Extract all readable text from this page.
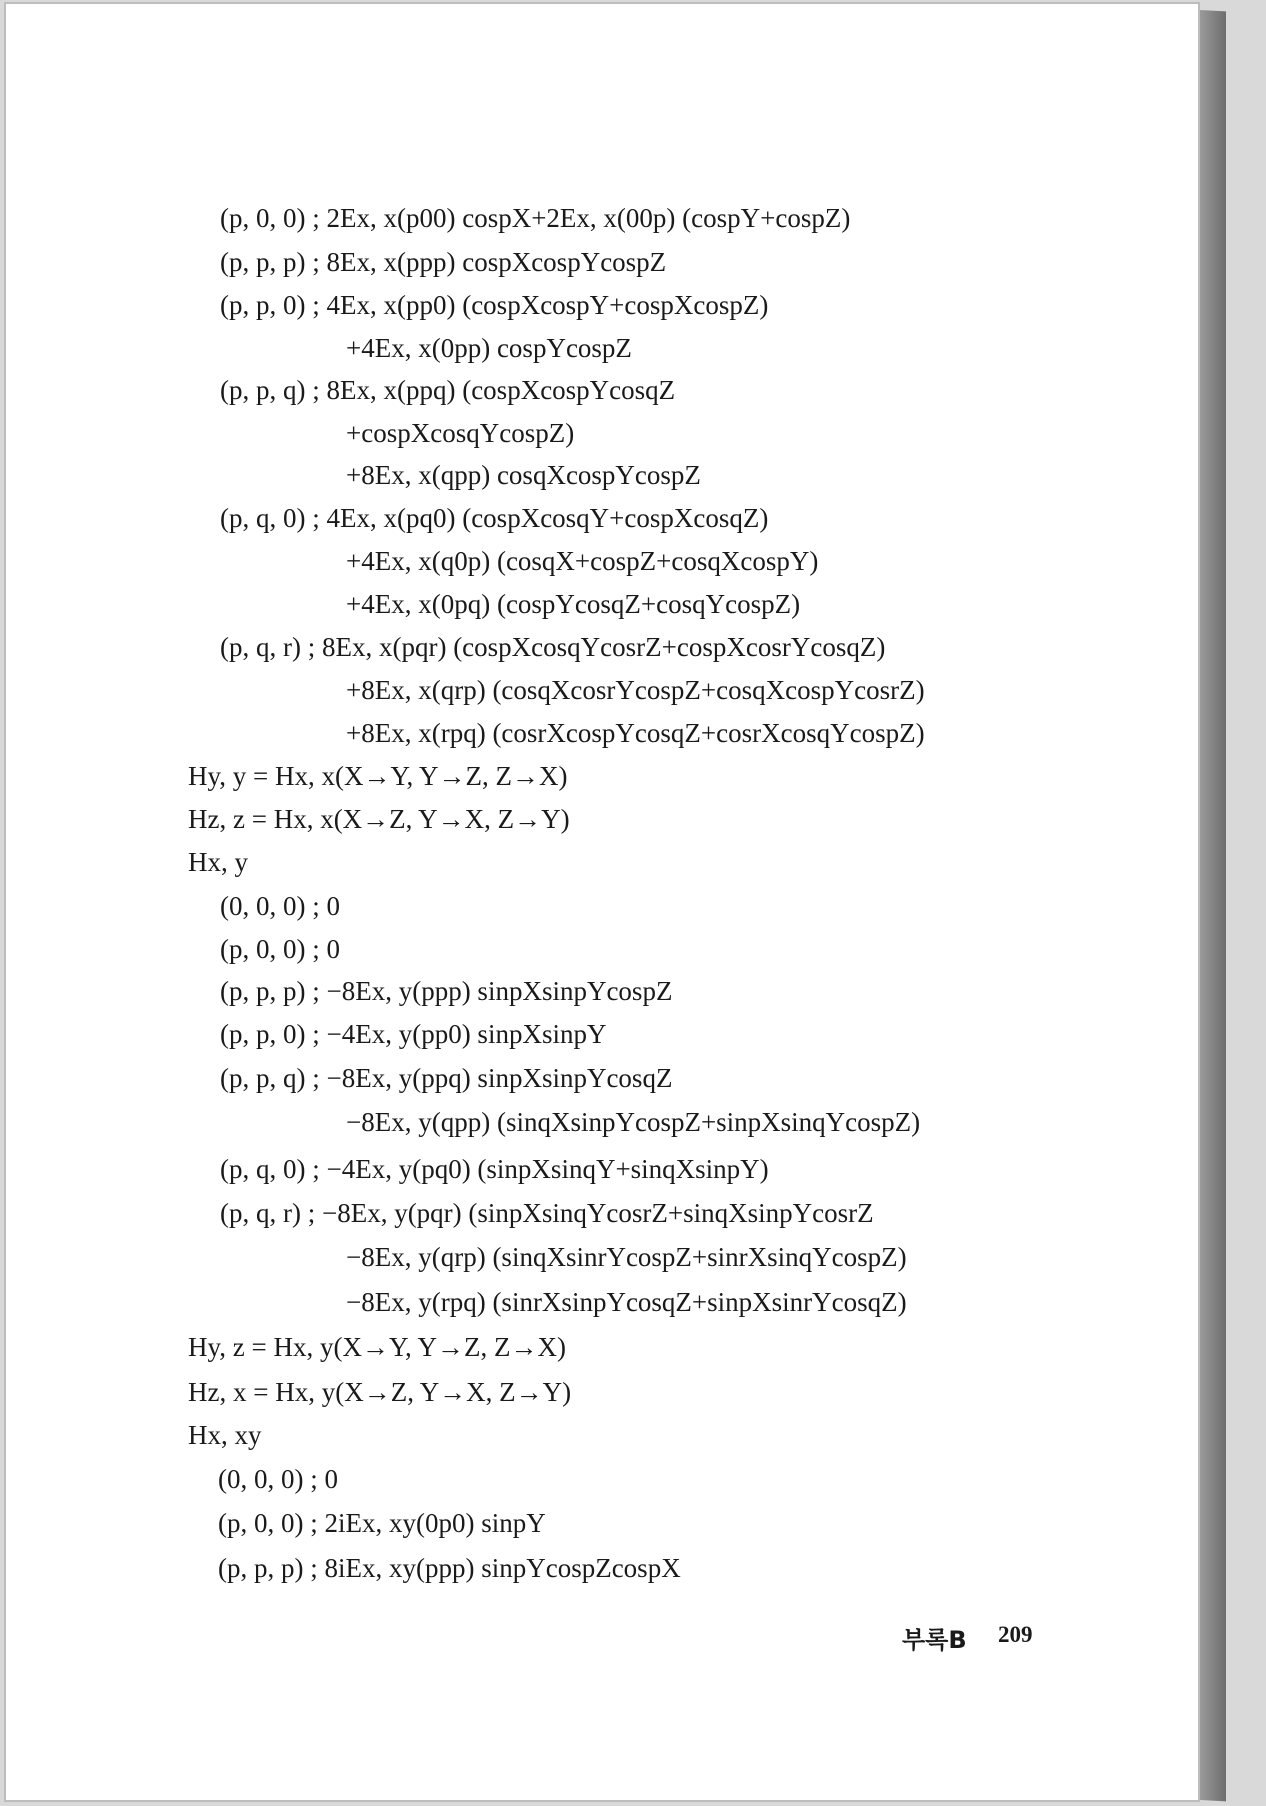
(p, 0, 0) ; 2Ex, x(p00) cospX+2Ex, x(00p) (cospY+cospZ)
(p, p, p) ; 8Ex, x(ppp) cospXcospYcospZ
(p, p, 0) ; 4Ex, x(pp0) (cospXcospY+cospXcospZ)
+4Ex, x(0pp) cospYcospZ
(p, p, q) ; 8Ex, x(ppq) (cospXcospYcosqZ
+cospXcosqYcospZ)
+8Ex, x(qpp) cosqXcospYcospZ
(p, q, 0) ; 4Ex, x(pq0) (cospXcosqY+cospXcosqZ)
+4Ex, x(q0p) (cosqX+cospZ+cosqXcospY)
+4Ex, x(0pq) (cospYcosqZ+cosqYcospZ)
(p, q, r) ; 8Ex, x(pqr) (cospXcosqYcosrZ+cospXcosrYcosqZ)
+8Ex, x(qrp) (cosqXcosrYcospZ+cosqXcospYcosrZ)
+8Ex, x(rpq) (cosrXcospYcosqZ+cosrXcosqYcospZ)
Hy, y = Hx, x(X→Y, Y→Z, Z→X)
Hz, z = Hx, x(X→Z, Y→X, Z→Y)
Hx, y
(0, 0, 0) ; 0
(p, 0, 0) ; 0
(p, p, p) ; −8Ex, y(ppp) sinpXsinpYcospZ
(p, p, 0) ; −4Ex, y(pp0) sinpXsinpY
(p, p, q) ; −8Ex, y(ppq) sinpXsinpYcosqZ
−8Ex, y(qpp) (sinqXsinpYcospZ+sinpXsinqYcospZ)
(p, q, 0) ; −4Ex, y(pq0) (sinpXsinqY+sinqXsinpY)
(p, q, r) ; −8Ex, y(pqr) (sinpXsinqYcosrZ+sinqXsinpYcosrZ
−8Ex, y(qrp) (sinqXsinrYcospZ+sinrXsinqYcospZ)
−8Ex, y(rpq) (sinrXsinpYcosqZ+sinpXsinrYcosqZ)
Hy, z = Hx, y(X→Y, Y→Z, Z→X)
Hz, x = Hx, y(X→Z, Y→X, Z→Y)
Hx, xy
(0, 0, 0) ; 0
(p, 0, 0) ; 2iEx, xy(0p0) sinpY
(p, p, p) ; 8iEx, xy(ppp) sinpYcospZcospX
부록B 209
